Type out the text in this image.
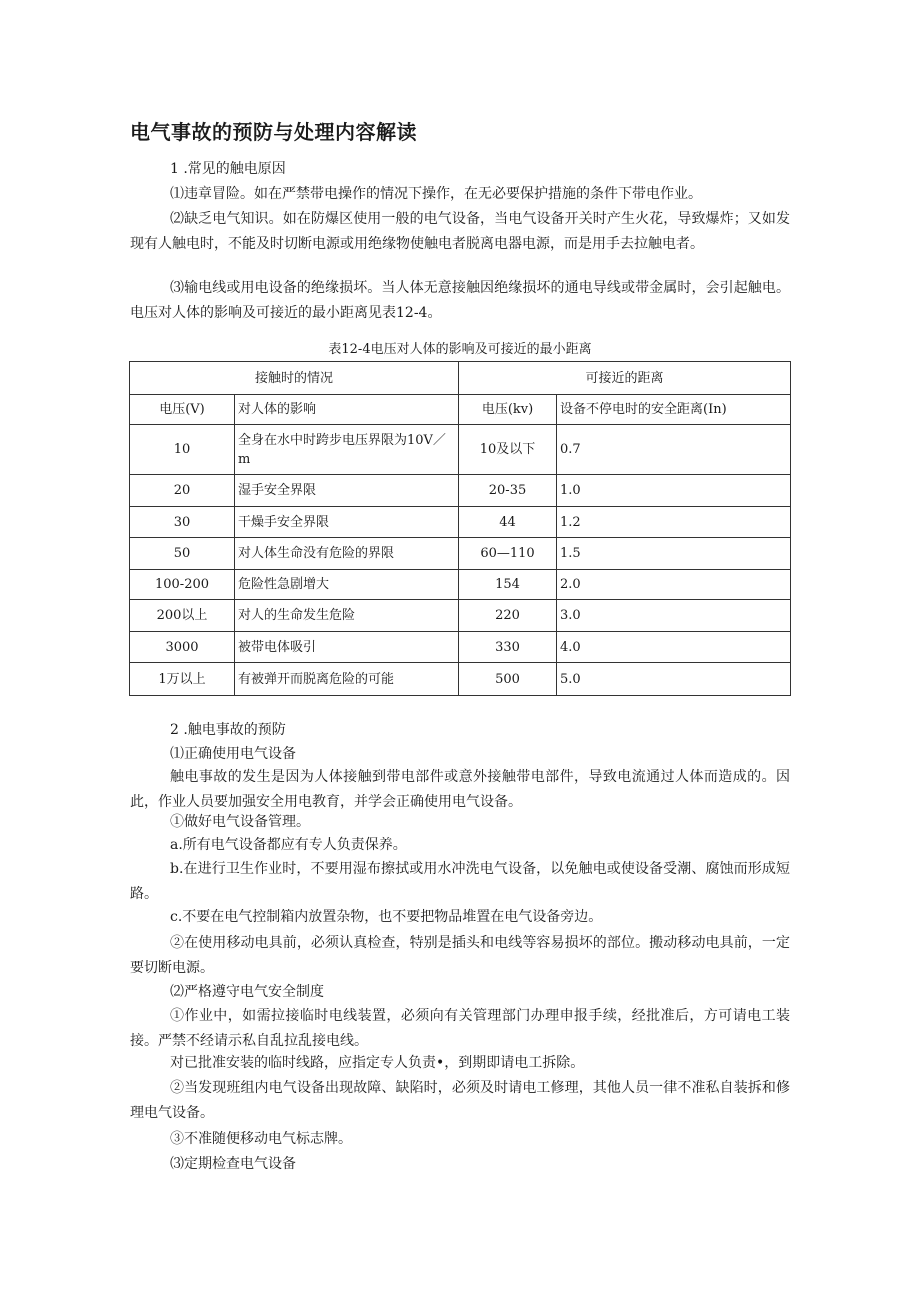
电气事故的预防与处理内容解读

1 .常见的触电原因

⑴违章冒险。如在严禁带电操作的情况下操作，在无必要保护措施的条件下带电作业。

⑵缺乏电气知识。如在防爆区使用一般的电气设备，当电气设备开关时产生火花，导致爆炸；又如发现有人触电时，不能及时切断电源或用绝缘物使触电者脱离电器电源，而是用手去拉触电者。

⑶输电线或用电设备的绝缘损坏。当人体无意接触因绝缘损坏的通电导线或带金属时，会引起触电。电压对人体的影响及可接近的最小距离见表12-4。

表12-4电压对人体的影响及可接近的最小距离
接触时的情况		可接近的距离	
电压(V)	对人体的影响	电压(kv)	设备不停电时的安全距离(In)
10	全身在水中时跨步电压界限为10V／m	10及以下	0.7
20	湿手安全界限	20-35	1.0
30	干燥手安全界限	44	1.2
50	对人体生命没有危险的界限	60—110	1.5
100-200	危险性急剧增大	154	2.0
200以上	对人的生命发生危险	220	3.0
3000	被带电体吸引	330	4.0
1万以上	有被弹开而脱离危险的可能	500	5.0

2 .触电事故的预防

⑴正确使用电气设备

触电事故的发生是因为人体接触到带电部件或意外接触带电部件，导致电流通过人体而造成的。因此，作业人员要加强安全用电教育，并学会正确使用电气设备。

①做好电气设备管理。

a.所有电气设备都应有专人负责保养。

b.在进行卫生作业时，不要用湿布擦拭或用水冲洗电气设备，以免触电或使设备受潮、腐蚀而形成短路。

c.不要在电气控制箱内放置杂物，也不要把物品堆置在电气设备旁边。

②在使用移动电具前，必须认真检查，特别是插头和电线等容易损坏的部位。搬动移动电具前，一定要切断电源。

⑵严格遵守电气安全制度

①作业中，如需拉接临时电线装置，必须向有关管理部门办理申报手续，经批准后，方可请电工装接。严禁不经请示私自乱拉乱接电线。

对已批准安装的临时线路，应指定专人负责•，到期即请电工拆除。

②当发现班组内电气设备出现故障、缺陷时，必须及时请电工修理，其他人员一律不准私自装拆和修理电气设备。

③不准随便移动电气标志牌。

⑶定期检查电气设备
